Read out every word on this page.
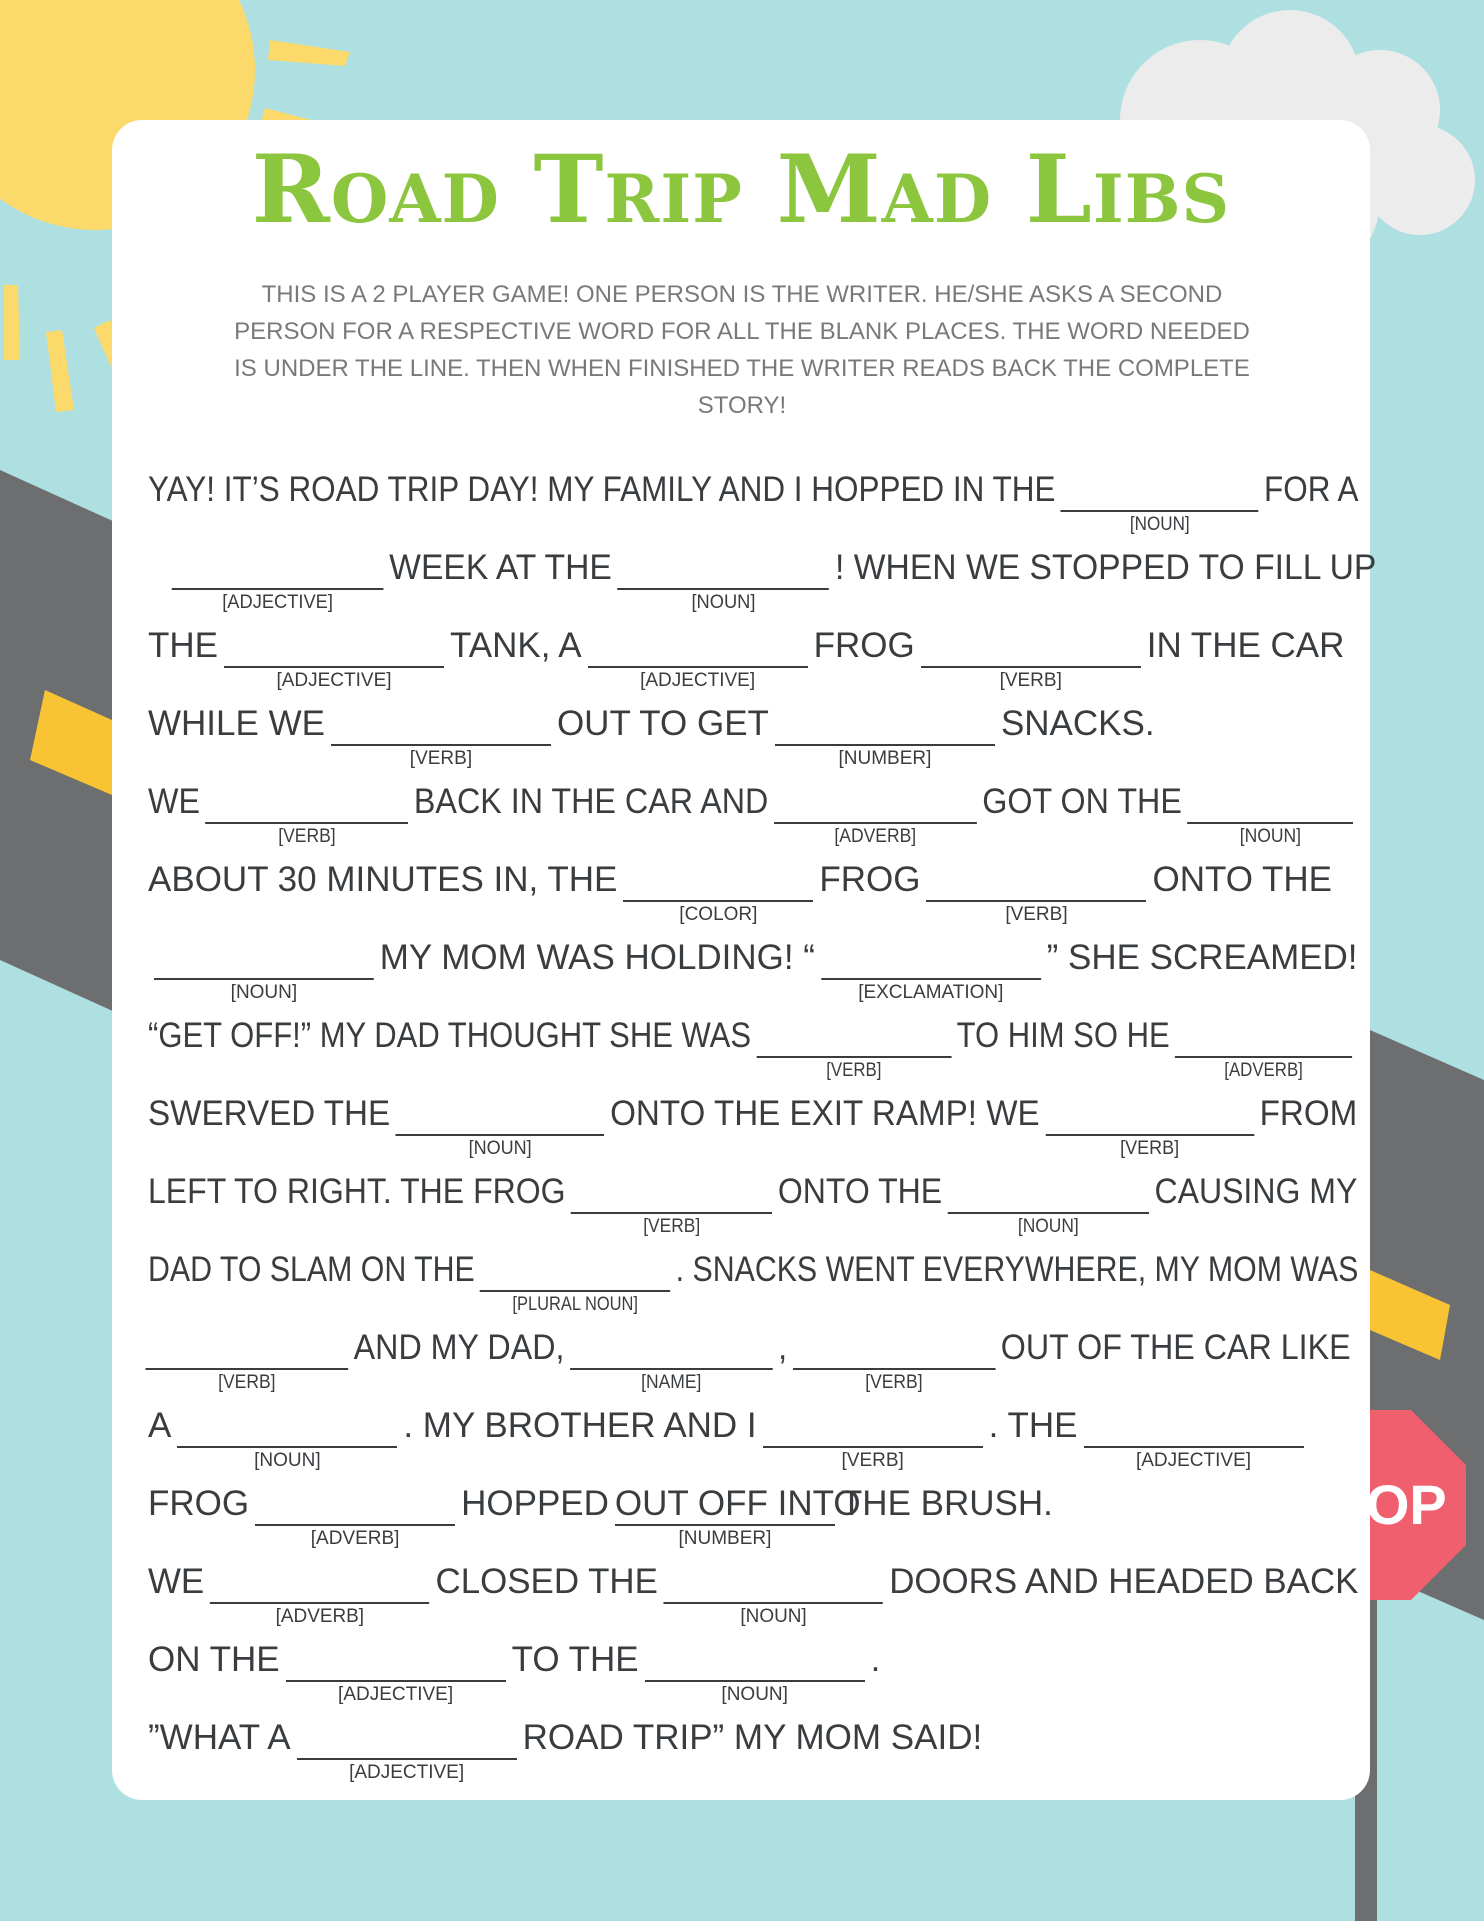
Road Trip Mad Libs
THIS IS A 2 PLAYER GAME! ONE PERSON IS THE WRITER. HE/SHE ASKS A SECOND PERSON FOR A RESPECTIVE WORD FOR ALL THE BLANK PLACES. THE WORD NEEDED IS UNDER THE LINE. THEN WHEN FINISHED THE WRITER READS BACK THE COMPLETE STORY!
YAY! IT’S ROAD TRIP DAY! MY FAMILY AND I HOPPED IN THE
[NOUN]
FOR A
[ADJECTIVE]
WEEK AT THE
[NOUN]
! WHEN WE STOPPED TO FILL UP
THE
[ADJECTIVE]
TANK, A
[ADJECTIVE]
FROG
[VERB]
IN THE CAR
WHILE WE
[VERB]
OUT TO GET
[NUMBER]
SNACKS.
WE
[VERB]
BACK IN THE CAR AND
[ADVERB]
GOT ON THE
[NOUN]
ABOUT 30 MINUTES IN, THE
[COLOR]
FROG
[VERB]
ONTO THE
[NOUN]
MY MOM WAS HOLDING! “
[EXCLAMATION]
” SHE SCREAMED!
“GET OFF!” MY DAD THOUGHT SHE WAS
[VERB]
TO HIM SO HE
[ADVERB]
SWERVED THE
[NOUN]
ONTO THE EXIT RAMP! WE
[VERB]
FROM
LEFT TO RIGHT. THE FROG
[VERB]
ONTO THE
[NOUN]
CAUSING MY
DAD TO SLAM ON THE
[PLURAL NOUN]
. SNACKS WENT EVERYWHERE, MY MOM WAS
[VERB]
AND MY DAD,
[NAME]
,
[VERB]
OUT OF THE CAR LIKE
A
[NOUN]
. MY BROTHER AND I
[VERB]
. THE
[ADJECTIVE]
FROG
[ADVERB]
HOPPED OUT OFF INTO
[NUMBER]
THE BRUSH.
WE
[ADVERB]
CLOSED THE
[NOUN]
DOORS AND HEADED BACK
ON THE
[ADJECTIVE]
TO THE
[NOUN]
.
”WHAT A
[ADJECTIVE]
ROAD TRIP” MY MOM SAID!
STOP
